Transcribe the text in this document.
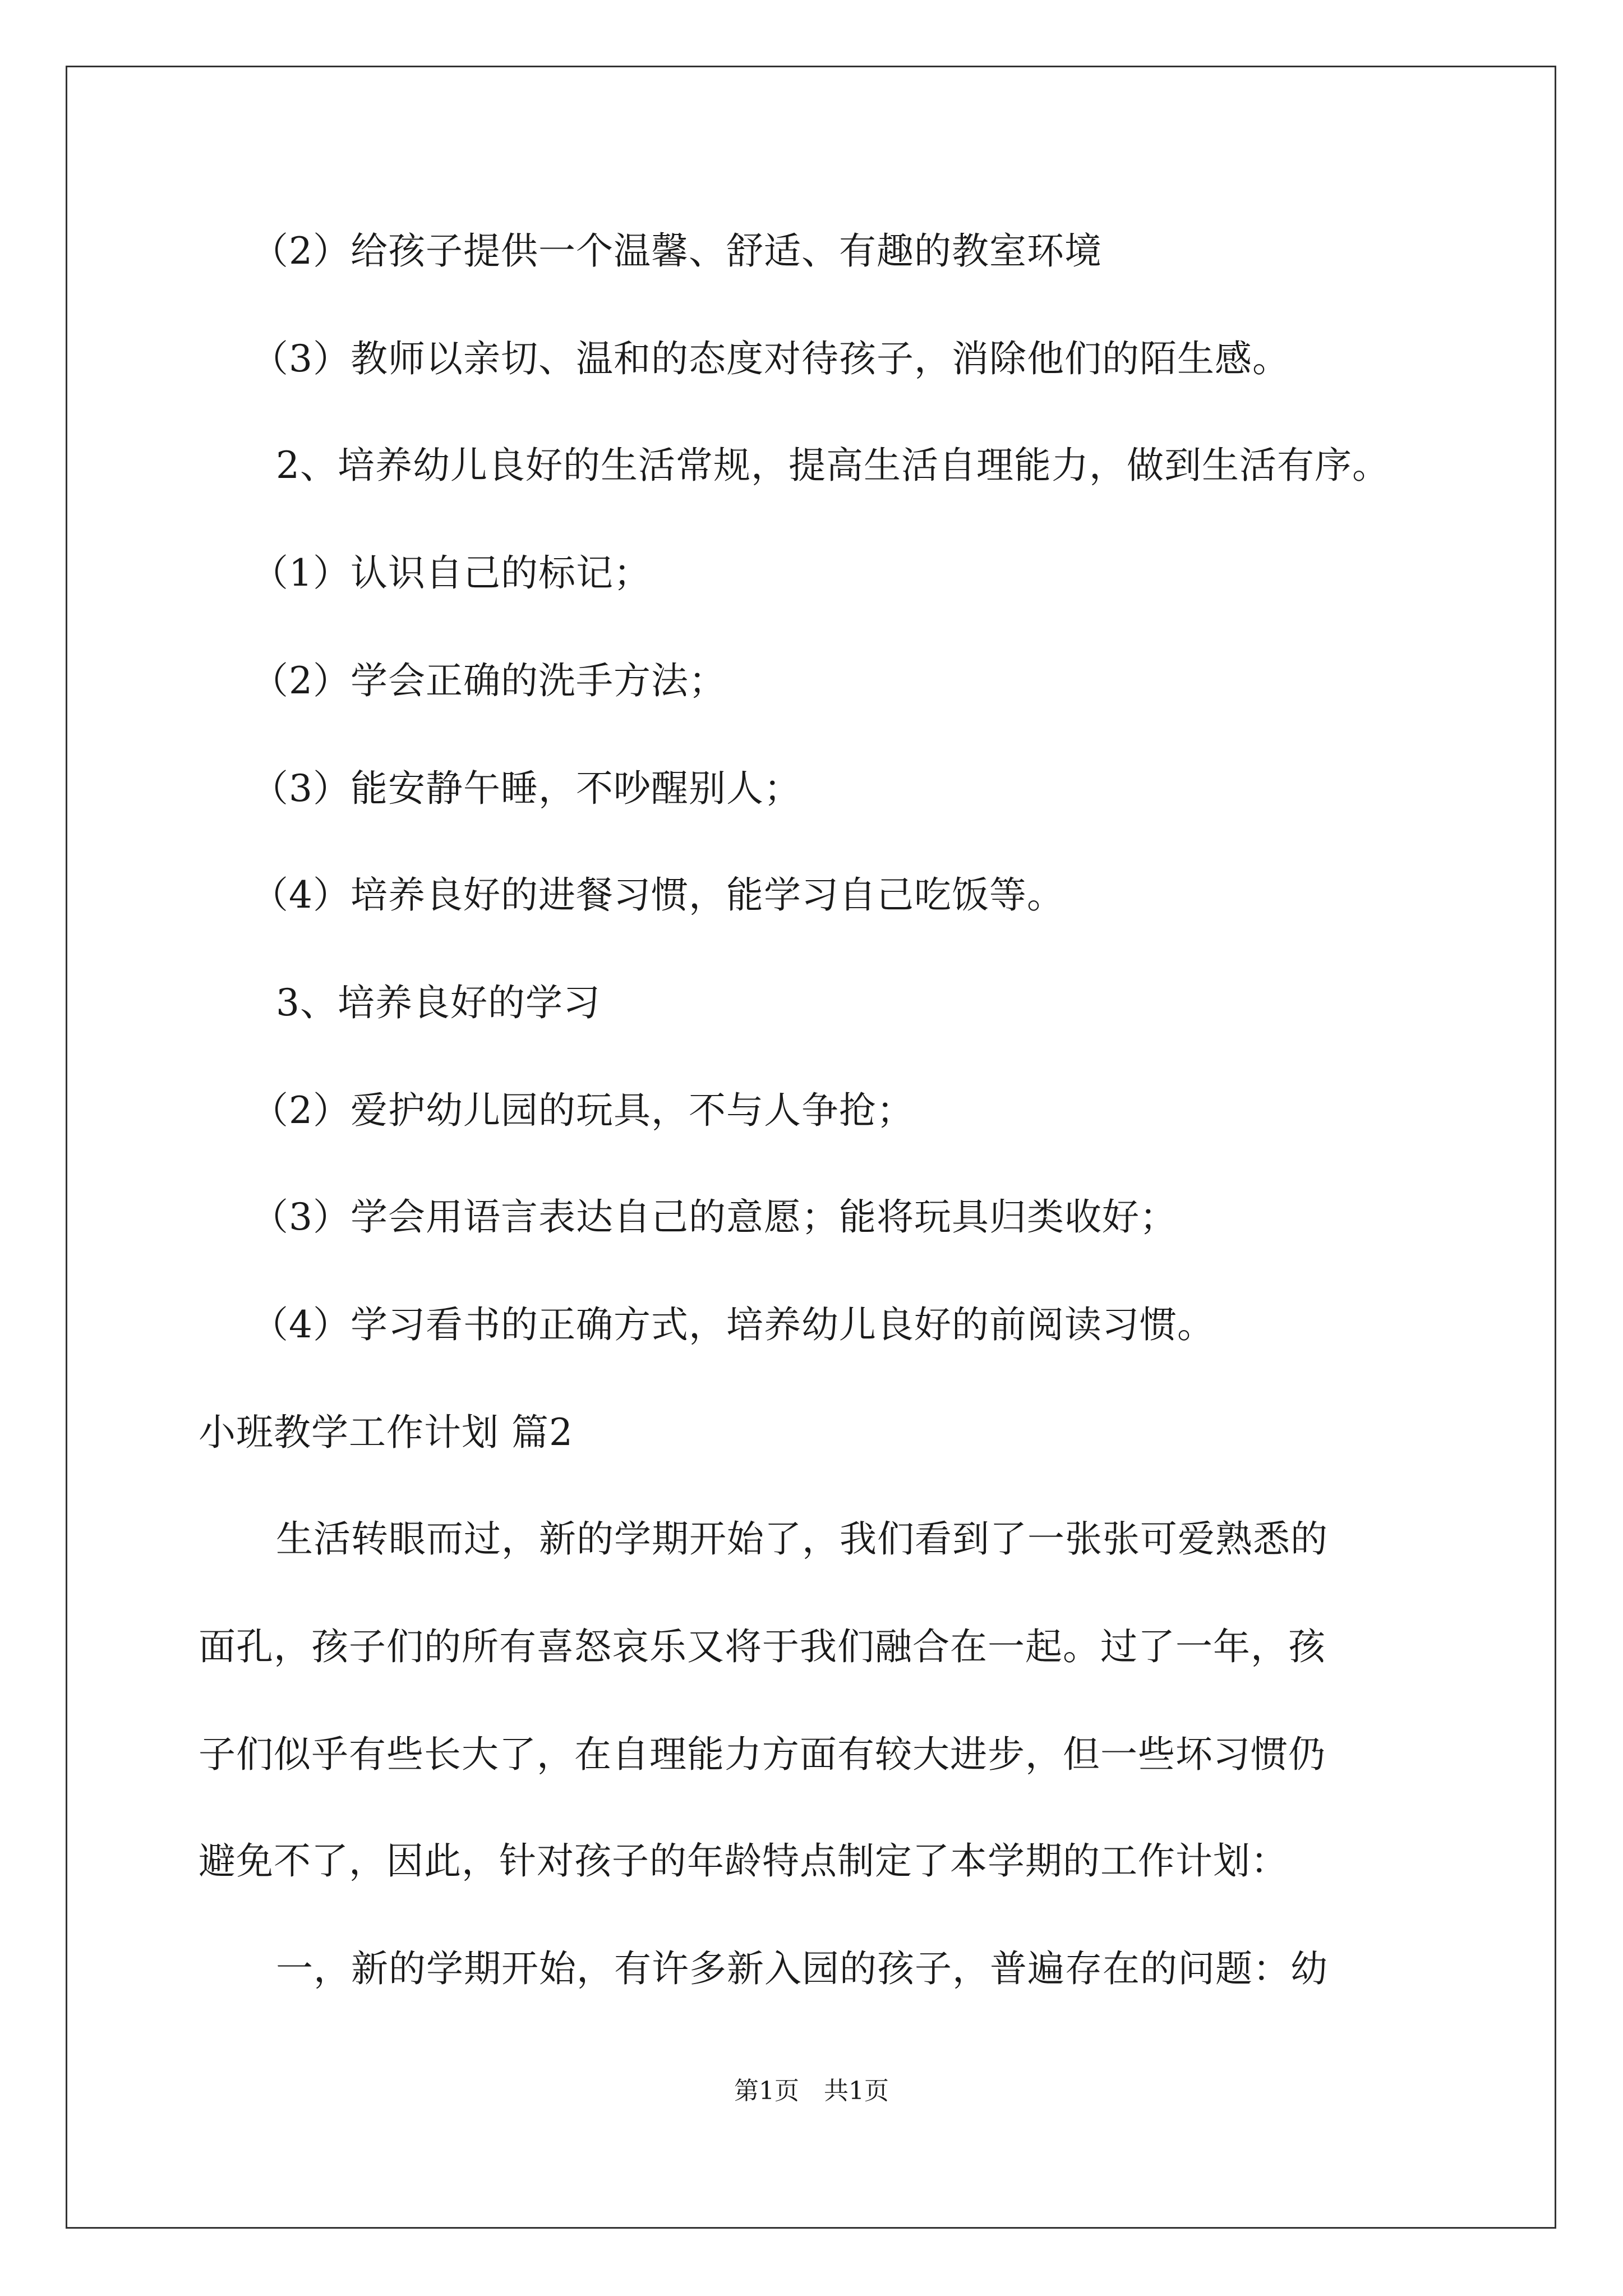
（2）给孩子提供一个温馨、舒适、有趣的教室环境
（3）教师以亲切、温和的态度对待孩子，消除他们的陌生感。
2、培养幼儿良好的生活常规，提高生活自理能力，做到生活有序。
（1）认识自己的标记；
（2）学会正确的洗手方法；
（3）能安静午睡，不吵醒别人；
（4）培养良好的进餐习惯，能学习自己吃饭等。
3、培养良好的学习
（2）爱护幼儿园的玩具，不与人争抢；
（3）学会用语言表达自己的意愿；能将玩具归类收好；
（4）学习看书的正确方式，培养幼儿良好的前阅读习惯。
小班教学工作计划 篇2
生活转眼而过，新的学期开始了，我们看到了一张张可爱熟悉的
面孔，孩子们的所有喜怒哀乐又将于我们融合在一起。过了一年，孩
子们似乎有些长大了，在自理能力方面有较大进步，但一些坏习惯仍
避免不了，因此，针对孩子的年龄特点制定了本学期的工作计划：
一，新的学期开始，有许多新入园的孩子，普遍存在的问题：幼
第1页　共1页
